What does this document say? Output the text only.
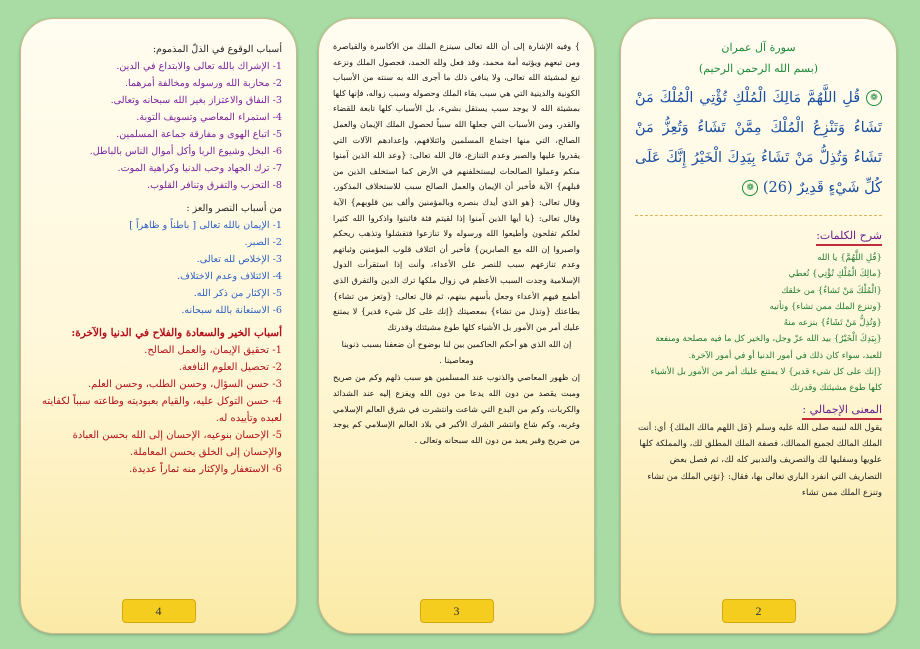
أسباب الوقوع في الذلّ المذموم:
1- الإشراك بالله تعالى والابتداع في الدين.
2- محاربة الله ورسوله ومخالفة أمرهما.
3- النفاق والاعتزاز بغير الله سبحانه وتعالى.
4- استمراء المعاصي وتسويف التوبة.
5- اتباع الهوى و مفارقة جماعة المسلمين.
6- البخل وشيوع الربا وأكل أموال الناس بالباطل.
7- ترك الجهاد وحب الدنيا وكراهية الموت.
8- التحزب والتفرق وتنافر القلوب.
من أسباب النصر والعز :
1- الإيمان بالله تعالى [ باطناً و ظاهراً ]
2- الصبر.
3- الإخلاص لله تعالى.
4- الائتلاف وعدم الاختلاف.
5- الإكثار من ذكر الله.
6- الاستعانة بالله سبحانه.
أسباب الخير والسعادة والفلاح في الدنيا والآخرة:
1- تحقيق الإيمان، والعمل الصالح.
2- تحصيل العلوم النافعة.
3- حسن السؤال، وحسن الطلب، وحسن العلم.
4- حسن التوكل عليه، والقيام بعبوديته وطاعته سبباً لكفايته لعبده وتأييده له.
5- الإحسان بنوعيه، الإحسان إلى الله بحسن العبادة والإحسان إلى الخلق بحسن المعاملة.
6- الاستغفار والإكثار منه ثماراً عديدة.
4

} وفيه الإشارة إلى أن الله تعالى سينزع الملك من الأكاسرة والقياصرة ومن تبعهم ويؤتيه أمة محمد، وقد فعل ولله الحمد، فحصول الملك ونزعه تبع لمشيئة الله تعالى، ولا ينافي ذلك ما أجرى الله به سنته من الأسباب الكونية والدينية التي هي سبب بقاء الملك وحصوله وسبب زواله، فإنها كلها بمشيئة الله لا يوجد سبب يستقل بشيء، بل الأسباب كلها تابعة للقضاء والقدر، ومن الأسباب التي جعلها الله سبباً لحصول الملك الإيمان والعمل الصالح، التي منها اجتماع المسلمين وائتلافهم، وإعدادهم الآلات التي يقدروا عليها والصبر وعدم التنازع، قال الله تعالى: {وعد الله الذين آمنوا منكم وعملوا الصالحات ليستخلفنهم في الأرض كما استخلف الذين من قبلهم} الآية فأخبر أن الإيمان والعمل الصالح سبب للاستخلاف المذكور، وقال تعالى: {هو الذي أيدك بنصره وبالمؤمنين وألف بين قلوبهم} الآية وقال تعالى: {يا أيها الذين آمنوا إذا لقيتم فئة فاثبتوا واذكروا الله كثيرا لعلكم تفلحون وأطيعوا الله ورسوله ولا تنازعوا فتفشلوا وتذهب ريحكم واصبروا إن الله مع الصابرين} فأخبر أن ائتلاف قلوب المؤمنين وثباتهم وعدم تنازعهم سبب للنصر على الأعداء، وأنت إذا استقرأت الدول الإسلامية وجدت السبب الأعظم في زوال ملكها ترك الدين والتفرق الذي أطمع فيهم الأعداء وجعل بأسهم بينهم، ثم قال تعالى: {وتعز من تشاء} بطاعتك {وتذل من تشاء} بمعصيتك {إنك على كل شيء قدير} لا يمتنع عليك أمر من الأمور بل الأشياء كلها طوع مشيئتك وقدرتك

إن الله الذي هو أحكم الحاكمين بين لنا بوضوح أن ضعفنا بسبب ذنوبنا ومعاصينا .

إن ظهور المعاصي والذنوب عند المسلمين هو سبب ذلهم وكم من صريح ومبت يقصد من دون الله يدعا من دون الله ويفزع إليه عند الشدائد والكربات، وكم من البدع التي شاعت وانتشرت في شرق العالم الإسلامي وغربه، وكم شاع وانتشر الشرك الأكبر في بلاد العالم الإسلامي كم يوجد من ضريح وقبر يعبد من دون الله سبحانه وتعالى .

3
سورة آل عمران
(بسم الله الرحمن الرحيم)
❁ قُلِ اللَّهُمَّ مَالِكَ الْمُلْكِ تُؤْتِي الْمُلْكَ مَنْ تَشَاءُ وَتَنْزِعُ الْمُلْكَ مِمَّنْ تَشَاءُ وَتُعِزُّ مَنْ تَشَاءُ وَتُذِلُّ مَنْ تَشَاءُ بِيَدِكَ الْخَيْرُ إِنَّكَ عَلَى كُلِّ شَيْءٍ قَدِيرٌ (26) ❁
شرح الكلمات:
{قُلِ اللَّهُمَّ} يا الله
{مالِكَ الْمُلْكِ تُؤْتِي} تُعطي
{الْمُلْكَ مَنْ تَشاءُ} من خلقك
{وتنزع الملك ممن تشاء} وتأتيه
{وَتُذِلُّ مَنْ تَشَاءُ} بنزعه منهُ
{بِيَدِكَ الْخَيْرُ} بيد الله عزّ وجل، والخير كل ما فيه مصلحة ومنفعة للعبد، سواء كان ذلك في أمور الدنيا أو في أمور الآخرة.
{إنك على كل شيء قدير} لا يمتنع عليك أمر من الأمور بل الأشياء كلها طوع مشيئتك وقدرتك
المعنى الإجمالي :
يقول الله لنبيه صلى الله عليه وسلم {قل اللهم مالك الملك} أي: أنت الملك المالك لجميع الممالك، فصفة الملك المطلق لك، والمملكة كلها علويها وسفليها لك والتصريف والتدبير كله لك، ثم فصل بعض التصاريف التي انفرد الباري تعالى بها، فقال: {تؤتي الملك من تشاء وتنزع الملك ممن تشاء
2
